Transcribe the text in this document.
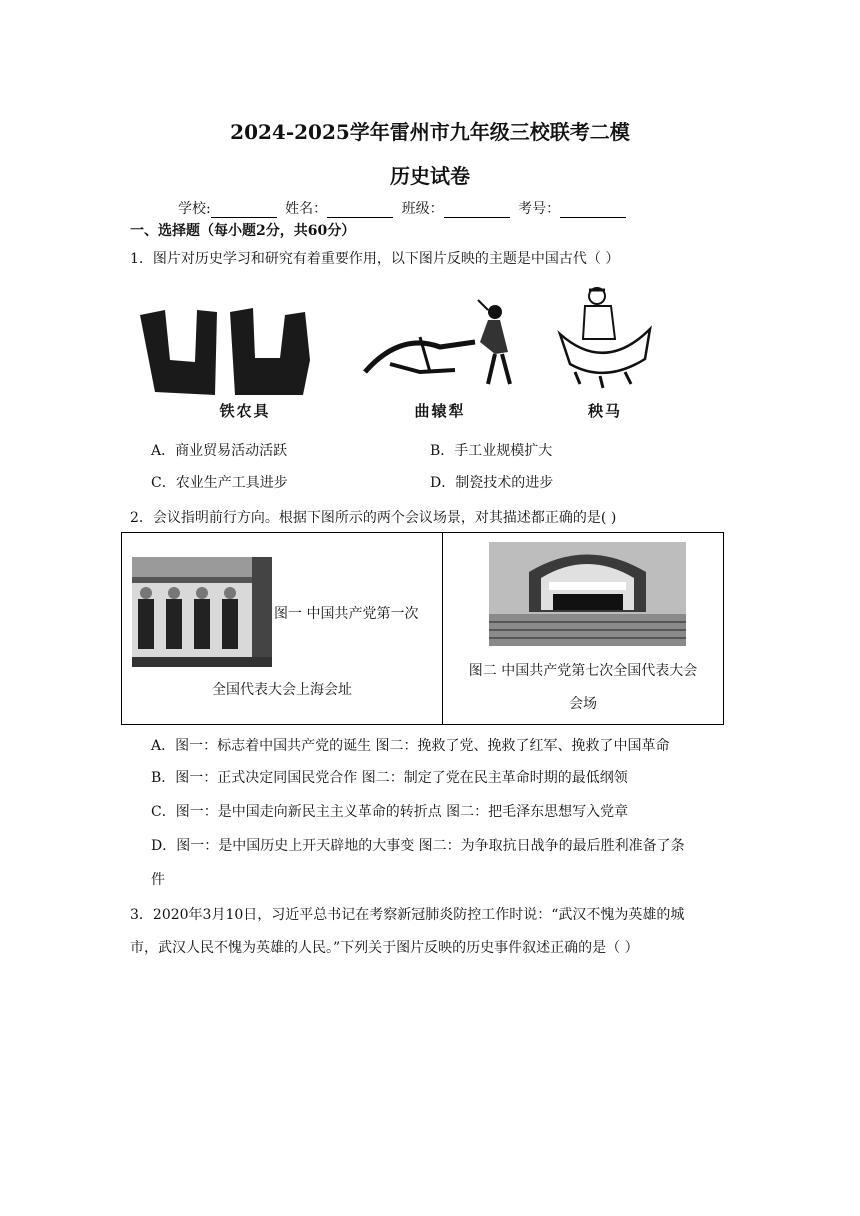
2024-2025学年雷州市九年级三校联考二模
历史试卷
学校:	姓名：	班级：	考号：
一、选择题（每小题2分，共60分）
1．图片对历史学习和研究有着重要作用，以下图片反映的主题是中国古代（ ）
铁农具	曲辕犁	秧马
A．商业贸易活动活跃	B．手工业规模扩大
C．农业生产工具进步	D．制瓷技术的进步
2．会议指明前行方向。根据下图所示的两个会议场景，对其描述都正确的是( )
图一 中国共产党第一次
全国代表大会上海会址

图二 中国共产党第七次全国代表大会
会场
A．图一：标志着中国共产党的诞生 图二：挽救了党、挽救了红军、挽救了中国革命
B．图一：正式决定同国民党合作 图二：制定了党在民主革命时期的最低纲领
C．图一：是中国走向新民主主义革命的转折点 图二：把毛泽东思想写入党章
D．图一：是中国历史上开天辟地的大事变 图二：为争取抗日战争的最后胜利准备了条
件
3．2020年3月10日，习近平总书记在考察新冠肺炎防控工作时说：“武汉不愧为英雄的城
市，武汉人民不愧为英雄的人民。”下列关于图片反映的历史事件叙述正确的是（ ）
